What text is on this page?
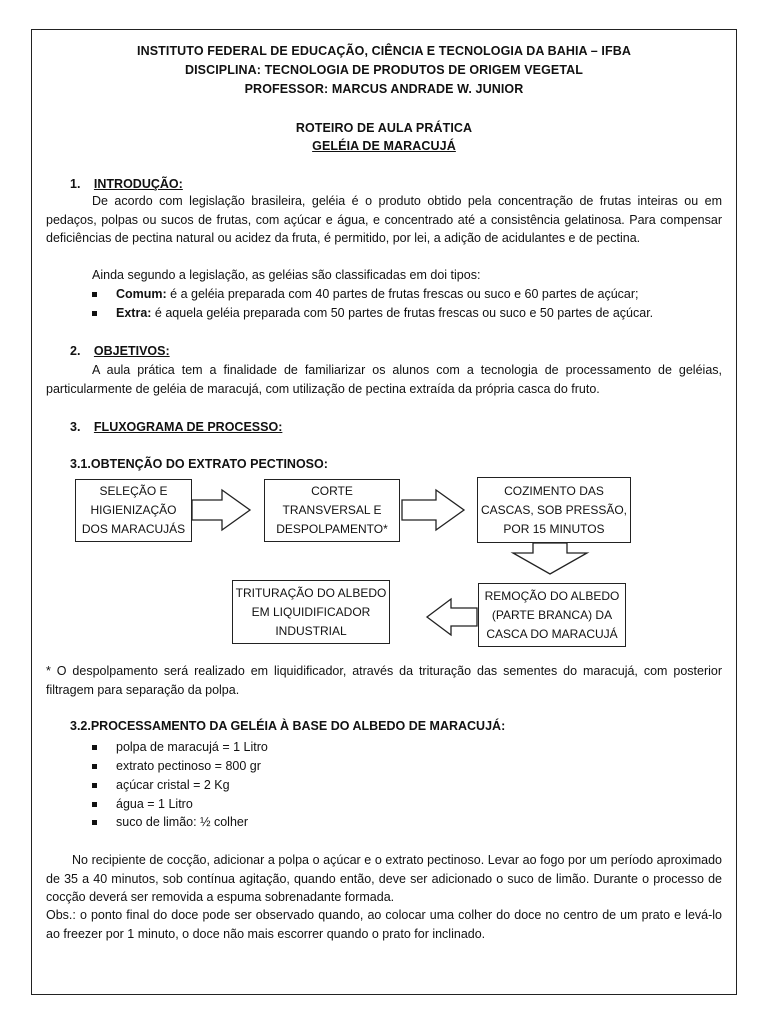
INSTITUTO FEDERAL DE EDUCAÇÃO, CIÊNCIA E TECNOLOGIA DA BAHIA – IFBA
DISCIPLINA: TECNOLOGIA DE PRODUTOS DE ORIGEM VEGETAL
PROFESSOR: MARCUS ANDRADE W. JUNIOR
ROTEIRO DE AULA PRÁTICA
GELÉIA DE MARACUJÁ
1. INTRODUÇÃO:
De acordo com legislação brasileira, geléia é o produto obtido pela concentração de frutas inteiras ou em pedaços, polpas ou sucos de frutas, com açúcar e água, e concentrado até a consistência gelatinosa. Para compensar deficiências de pectina natural ou acidez da fruta, é permitido, por lei, a adição de acidulantes e de pectina.
Ainda segundo a legislação, as geléias são classificadas em doi tipos:
Comum: é a geléia preparada com 40 partes de frutas frescas ou suco e 60 partes de açúcar;
Extra: é aquela geléia preparada com 50 partes de frutas frescas ou suco e 50 partes de açúcar.
2. OBJETIVOS:
A aula prática tem a finalidade de familiarizar os alunos com a tecnologia de processamento de geléias, particularmente de geléia de maracujá, com utilização de pectina extraída da própria casca do fruto.
3. FLUXOGRAMA DE PROCESSO:
3.1.OBTENÇÃO DO EXTRATO PECTINOSO:
SELEÇÃO E
HIGIENIZAÇÃO
DOS MARACUJÁS
CORTE
TRANSVERSAL E
DESPOLPAMENTO*
COZIMENTO DAS
CASCAS, SOB PRESSÃO,
POR 15 MINUTOS
REMOÇÃO DO ALBEDO
(PARTE BRANCA) DA
CASCA DO MARACUJÁ
TRITURAÇÃO DO ALBEDO
EM LIQUIDIFICADOR
INDUSTRIAL
* O despolpamento será realizado em liquidificador, através da trituração das sementes do maracujá, com posterior filtragem para separação da polpa.
3.2.PROCESSAMENTO DA GELÉIA À BASE DO ALBEDO DE MARACUJÁ:
polpa de maracujá = 1 Litro
extrato pectinoso = 800 gr
açúcar cristal = 2 Kg
água = 1 Litro
suco de limão: ½ colher
No recipiente de cocção, adicionar a polpa o açúcar e o extrato pectinoso. Levar ao fogo por um período aproximado de 35 a 40 minutos, sob contínua agitação, quando então, deve ser adicionado o suco de limão. Durante o processo de cocção deverá ser removida a espuma sobrenadante formada.
Obs.: o ponto final do doce pode ser observado quando, ao colocar uma colher do doce no centro de um prato e levá-lo ao freezer por 1 minuto, o doce não mais escorrer quando o prato for inclinado.
